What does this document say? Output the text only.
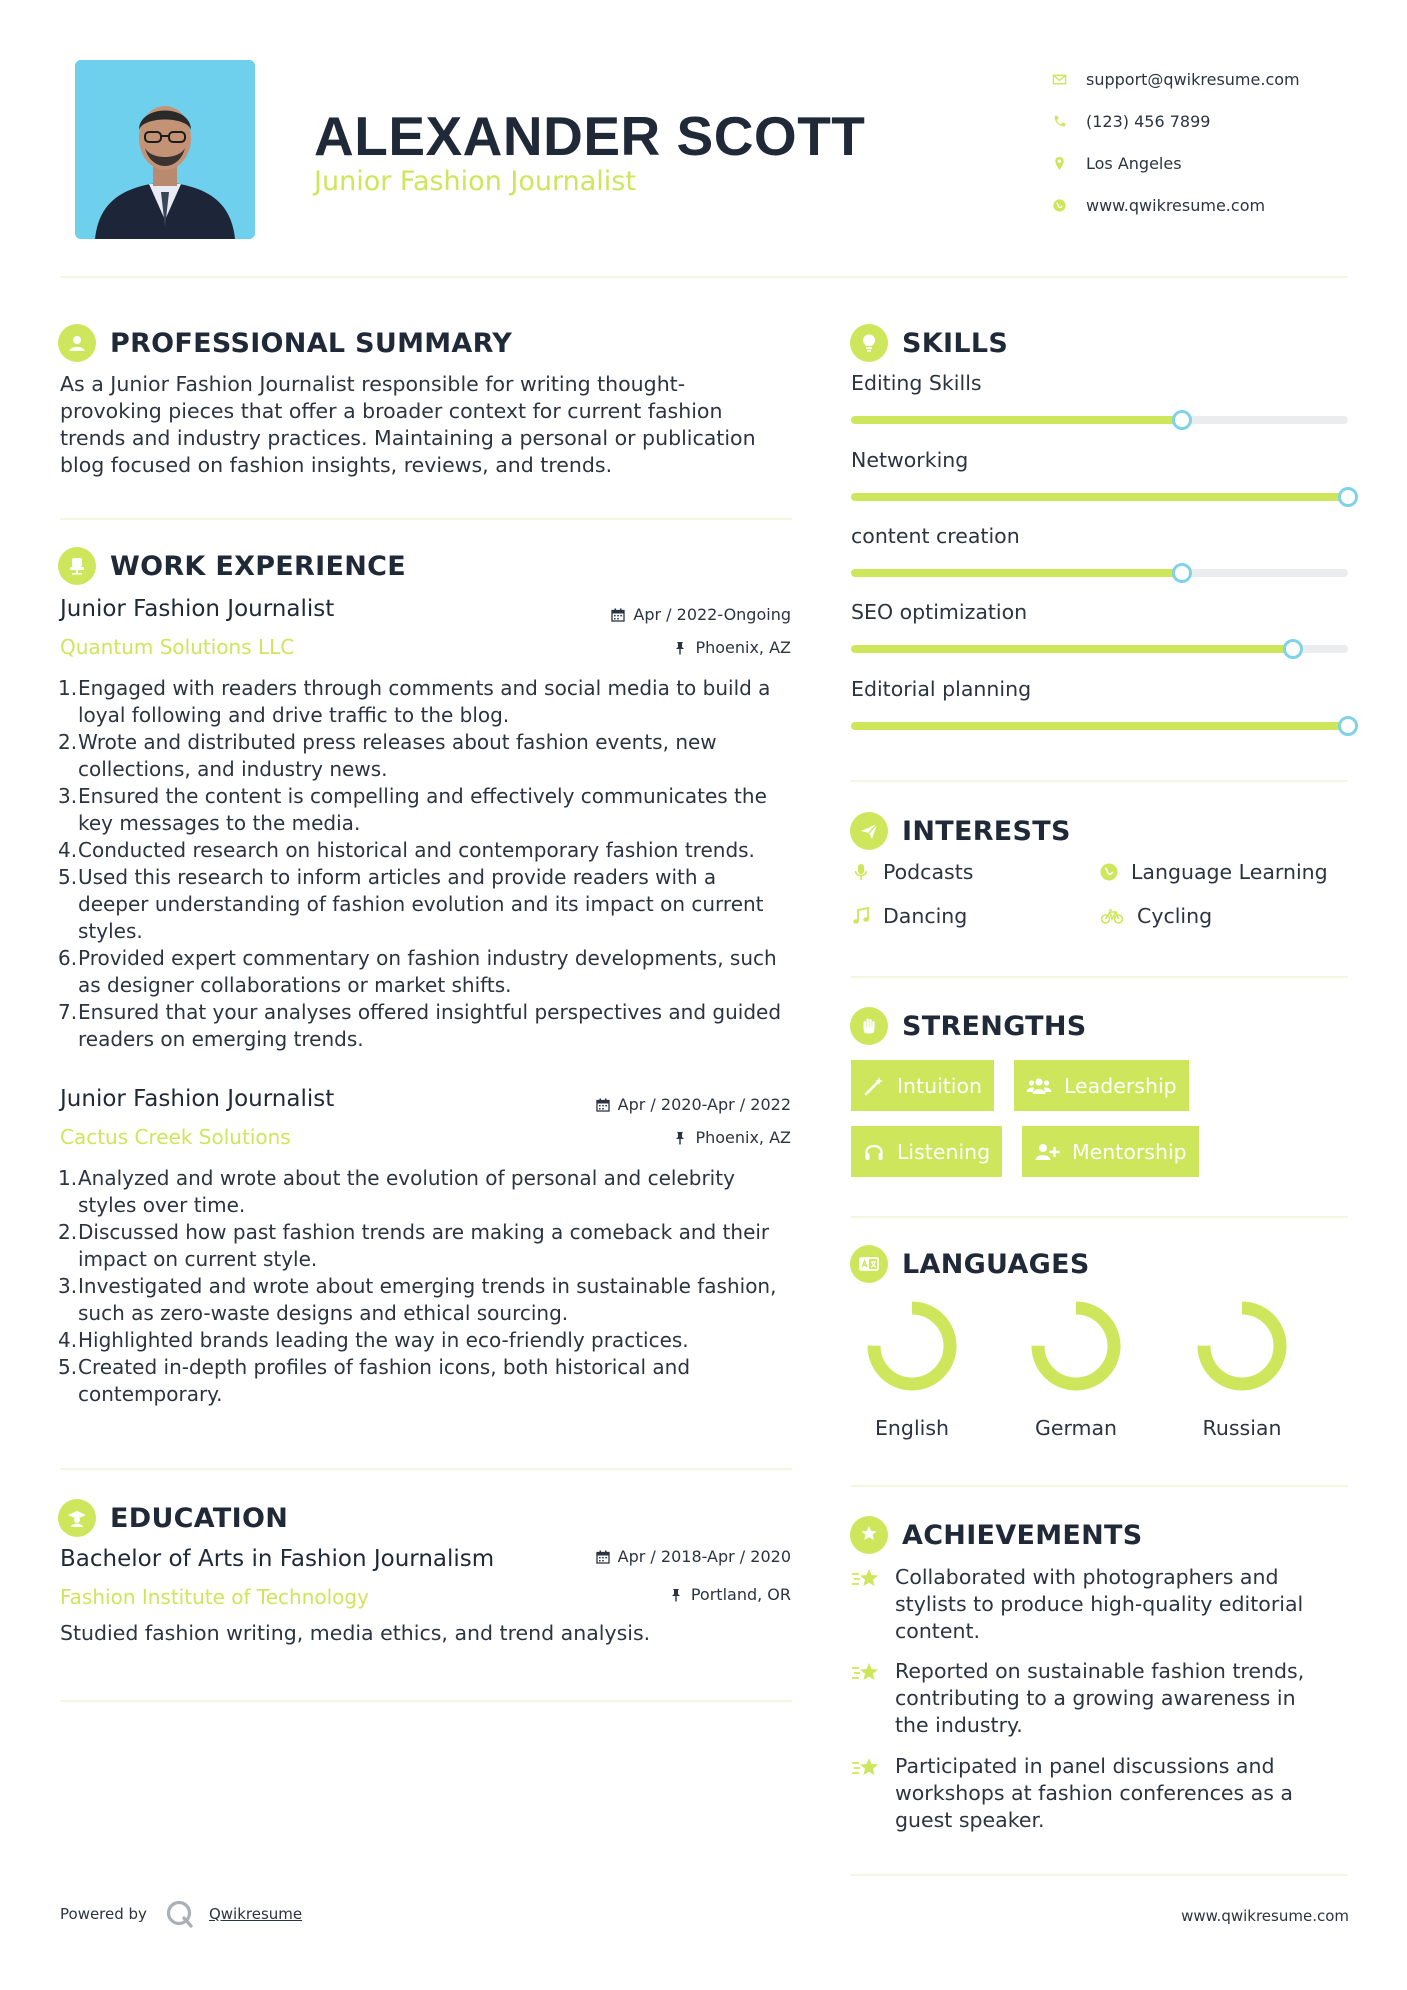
ALEXANDER SCOTT
Junior Fashion Journalist
support@qwikresume.com
(123) 456 7899
Los Angeles
www.qwikresume.com
PROFESSIONAL SUMMARY

As a Junior Fashion Journalist responsible for writing thought-provoking pieces that offer a broader context for current fashion trends and industry practices. Maintaining a personal or publication blog focused on fashion insights, reviews, and trends.

WORK EXPERIENCE
Junior Fashion Journalist
Quantum Solutions LLC
Apr / 2022-Ongoing
Phoenix, AZ
Engaged with readers through comments and social media to build a loyal following and drive traffic to the blog.
Wrote and distributed press releases about fashion events, new collections, and industry news.
Ensured the content is compelling and effectively communicates the key messages to the media.
Conducted research on historical and contemporary fashion trends.
Used this research to inform articles and provide readers with a deeper understanding of fashion evolution and its impact on current styles.
Provided expert commentary on fashion industry developments, such as designer collaborations or market shifts.
Ensured that your analyses offered insightful perspectives and guided readers on emerging trends.
Junior Fashion Journalist
Cactus Creek Solutions
Apr / 2020-Apr / 2022
Phoenix, AZ
Analyzed and wrote about the evolution of personal and celebrity styles over time.
Discussed how past fashion trends are making a comeback and their impact on current style.
Investigated and wrote about emerging trends in sustainable fashion, such as zero-waste designs and ethical sourcing.
Highlighted brands leading the way in eco-friendly practices.
Created in-depth profiles of fashion icons, both historical and contemporary.
EDUCATION
Bachelor of Arts in Fashion Journalism
Fashion Institute of Technology
Apr / 2018-Apr / 2020
Portland, OR

Studied fashion writing, media ethics, and trend analysis.

SKILLS
Editing Skills
Networking
content creation
SEO optimization
Editorial planning
INTERESTS
Podcasts	Language Learning
Dancing	Cycling
STRENGTHS
Intuition	Leadership
Listening	Mentorship
LANGUAGES
English	German	Russian
ACHIEVEMENTS
Collaborated with photographers and stylists to produce high-quality editorial content.
Reported on sustainable fashion trends, contributing to a growing awareness in the industry.
Participated in panel discussions and workshops at fashion conferences as a guest speaker.
Powered by	Qwikresume	www.qwikresume.com
